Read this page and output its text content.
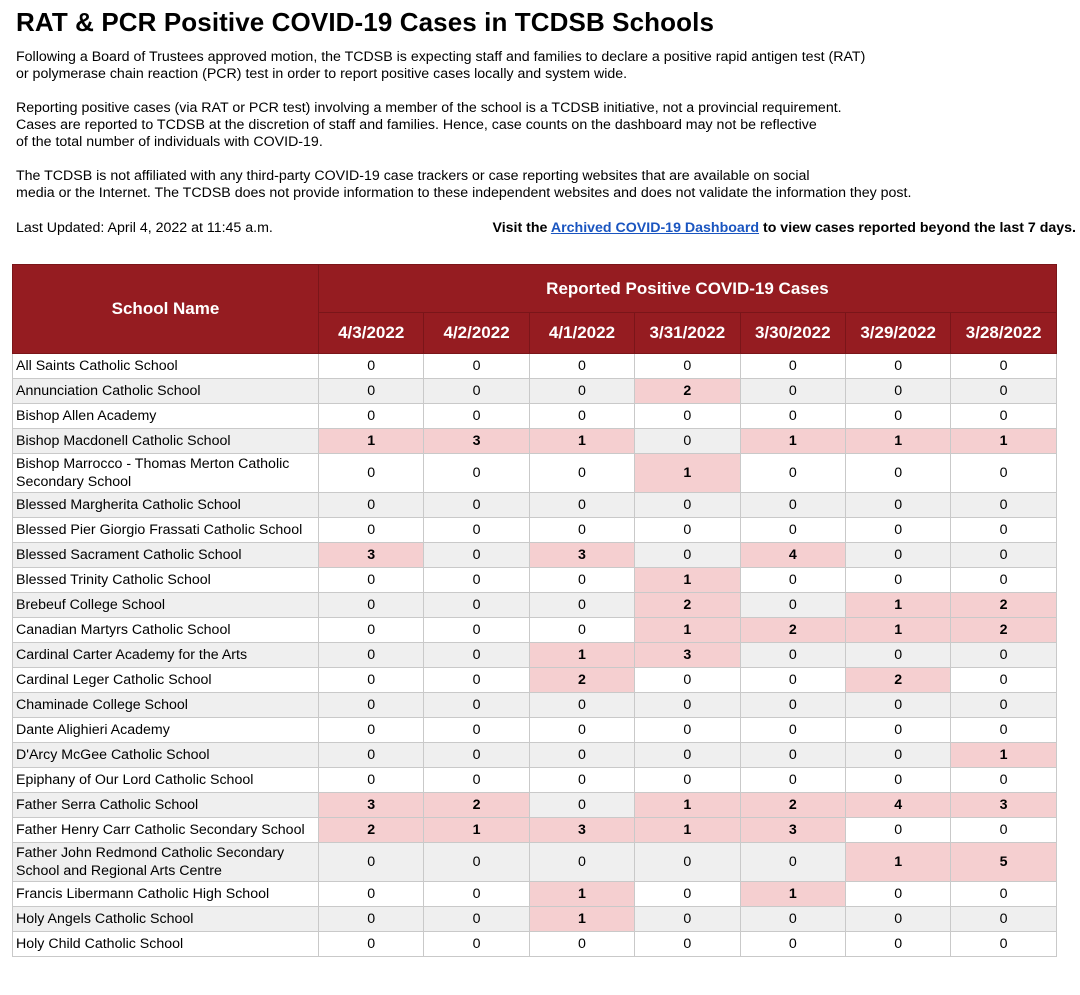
RAT & PCR Positive COVID-19 Cases in TCDSB Schools

Following a Board of Trustees approved motion, the TCDSB is expecting staff and families to declare a positive rapid antigen test (RAT)
or polymerase chain reaction (PCR) test in order to report positive cases locally and system wide.

Reporting positive cases (via RAT or PCR test) involving a member of the school is a TCDSB initiative, not a provincial requirement.
Cases are reported to TCDSB at the discretion of staff and families. Hence, case counts on the dashboard may not be reflective
of the total number of individuals with COVID-19.

The TCDSB is not affiliated with any third-party COVID-19 case trackers or case reporting websites that are available on social
media or the Internet. The TCDSB does not provide information to these independent websites and does not validate the information they post.

Last Updated: April 4, 2022 at 11:45 a.m.	Visit the Archived COVID-19 Dashboard to view cases reported beyond the last 7 days.
School Name	Reported Positive COVID-19 Cases						
	4/3/2022	4/2/2022	4/1/2022	3/31/2022	3/30/2022	3/29/2022	3/28/2022
All Saints Catholic School	0	0	0	0	0	0	0
Annunciation Catholic School	0	0	0	2	0	0	0
Bishop Allen Academy	0	0	0	0	0	0	0
Bishop Macdonell Catholic School	1	3	1	0	1	1	1
Bishop Marrocco - Thomas Merton Catholic Secondary School	0	0	0	1	0	0	0
Blessed Margherita Catholic School	0	0	0	0	0	0	0
Blessed Pier Giorgio Frassati Catholic School	0	0	0	0	0	0	0
Blessed Sacrament Catholic School	3	0	3	0	4	0	0
Blessed Trinity Catholic School	0	0	0	1	0	0	0
Brebeuf College School	0	0	0	2	0	1	2
Canadian Martyrs Catholic School	0	0	0	1	2	1	2
Cardinal Carter Academy for the Arts	0	0	1	3	0	0	0
Cardinal Leger Catholic School	0	0	2	0	0	2	0
Chaminade College School	0	0	0	0	0	0	0
Dante Alighieri Academy	0	0	0	0	0	0	0
D'Arcy McGee Catholic School	0	0	0	0	0	0	1
Epiphany of Our Lord Catholic School	0	0	0	0	0	0	0
Father Serra Catholic School	3	2	0	1	2	4	3
Father Henry Carr Catholic Secondary School	2	1	3	1	3	0	0
Father John Redmond Catholic Secondary School and Regional Arts Centre	0	0	0	0	0	1	5
Francis Libermann Catholic High School	0	0	1	0	1	0	0
Holy Angels Catholic School	0	0	1	0	0	0	0
Holy Child Catholic School	0	0	0	0	0	0	0
